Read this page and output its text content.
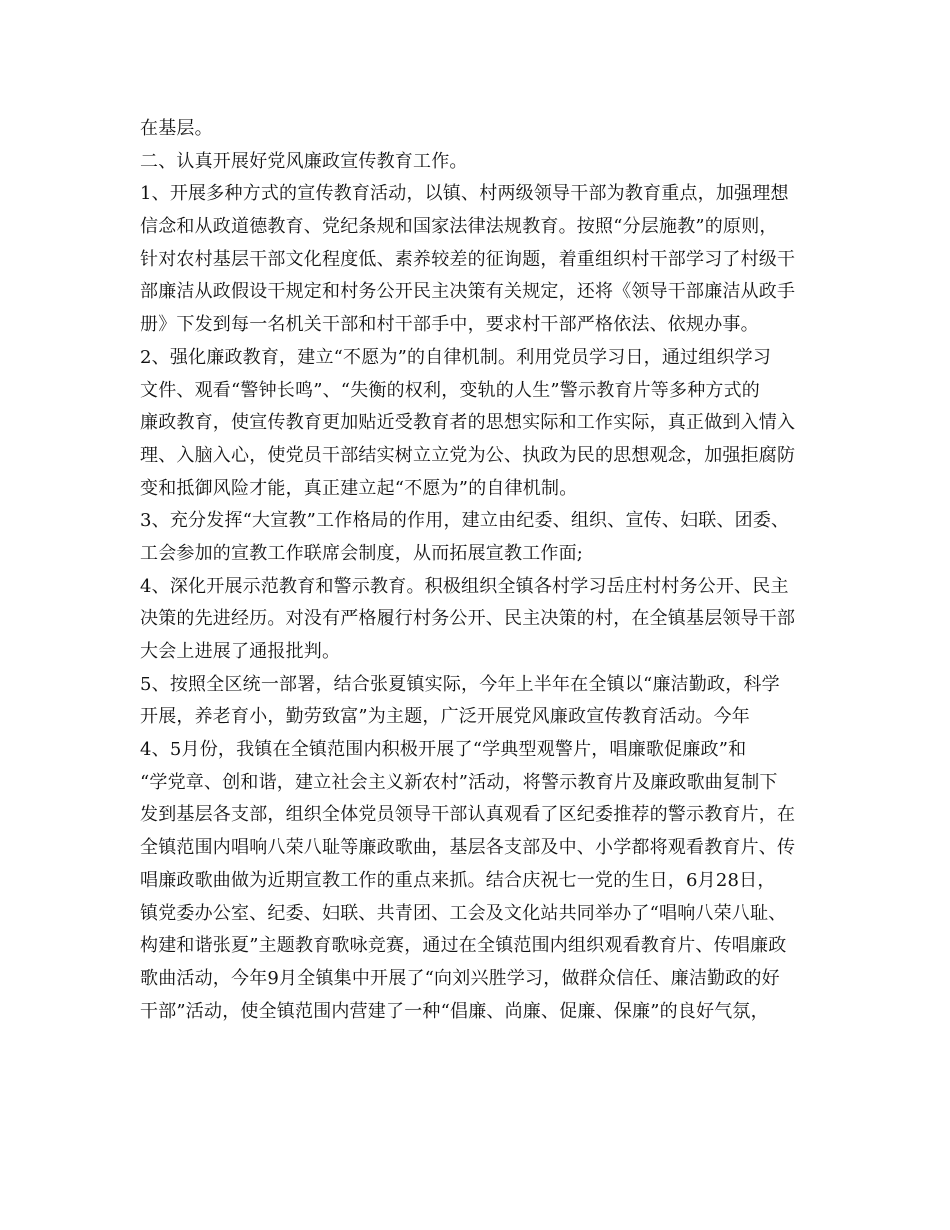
在基层。
二、认真开展好党风廉政宣传教育工作。
1、开展多种方式的宣传教育活动，以镇、村两级领导干部为教育重点，加强理想
信念和从政道德教育、党纪条规和国家法律法规教育。按照“分层施教”的原则，
针对农村基层干部文化程度低、素养较差的征询题，着重组织村干部学习了村级干
部廉洁从政假设干规定和村务公开民主决策有关规定，还将《领导干部廉洁从政手
册》下发到每一名机关干部和村干部手中，要求村干部严格依法、依规办事。
2、强化廉政教育，建立“不愿为”的自律机制。利用党员学习日，通过组织学习
文件、观看“警钟长鸣”、“失衡的权利，变轨的人生”警示教育片等多种方式的
廉政教育，使宣传教育更加贴近受教育者的思想实际和工作实际，真正做到入情入
理、入脑入心，使党员干部结实树立立党为公、执政为民的思想观念，加强拒腐防
变和抵御风险才能，真正建立起“不愿为”的自律机制。
3、充分发挥“大宣教”工作格局的作用，建立由纪委、组织、宣传、妇联、团委、
工会参加的宣教工作联席会制度，从而拓展宣教工作面;
4、深化开展示范教育和警示教育。积极组织全镇各村学习岳庄村村务公开、民主
决策的先进经历。对没有严格履行村务公开、民主决策的村，在全镇基层领导干部
大会上进展了通报批判。
5、按照全区统一部署，结合张夏镇实际，今年上半年在全镇以“廉洁勤政，科学
开展，养老育小，勤劳致富”为主题，广泛开展党风廉政宣传教育活动。今年
4、5月份，我镇在全镇范围内积极开展了“学典型观警片，唱廉歌促廉政”和
“学党章、创和谐，建立社会主义新农村”活动，将警示教育片及廉政歌曲复制下
发到基层各支部，组织全体党员领导干部认真观看了区纪委推荐的警示教育片，在
全镇范围内唱响八荣八耻等廉政歌曲，基层各支部及中、小学都将观看教育片、传
唱廉政歌曲做为近期宣教工作的重点来抓。结合庆祝七一党的生日，6月28日，
镇党委办公室、纪委、妇联、共青团、工会及文化站共同举办了“唱响八荣八耻、
构建和谐张夏”主题教育歌咏竞赛，通过在全镇范围内组织观看教育片、传唱廉政
歌曲活动，今年9月全镇集中开展了“向刘兴胜学习，做群众信任、廉洁勤政的好
干部”活动，使全镇范围内营建了一种“倡廉、尚廉、促廉、保廉”的良好气氛，
